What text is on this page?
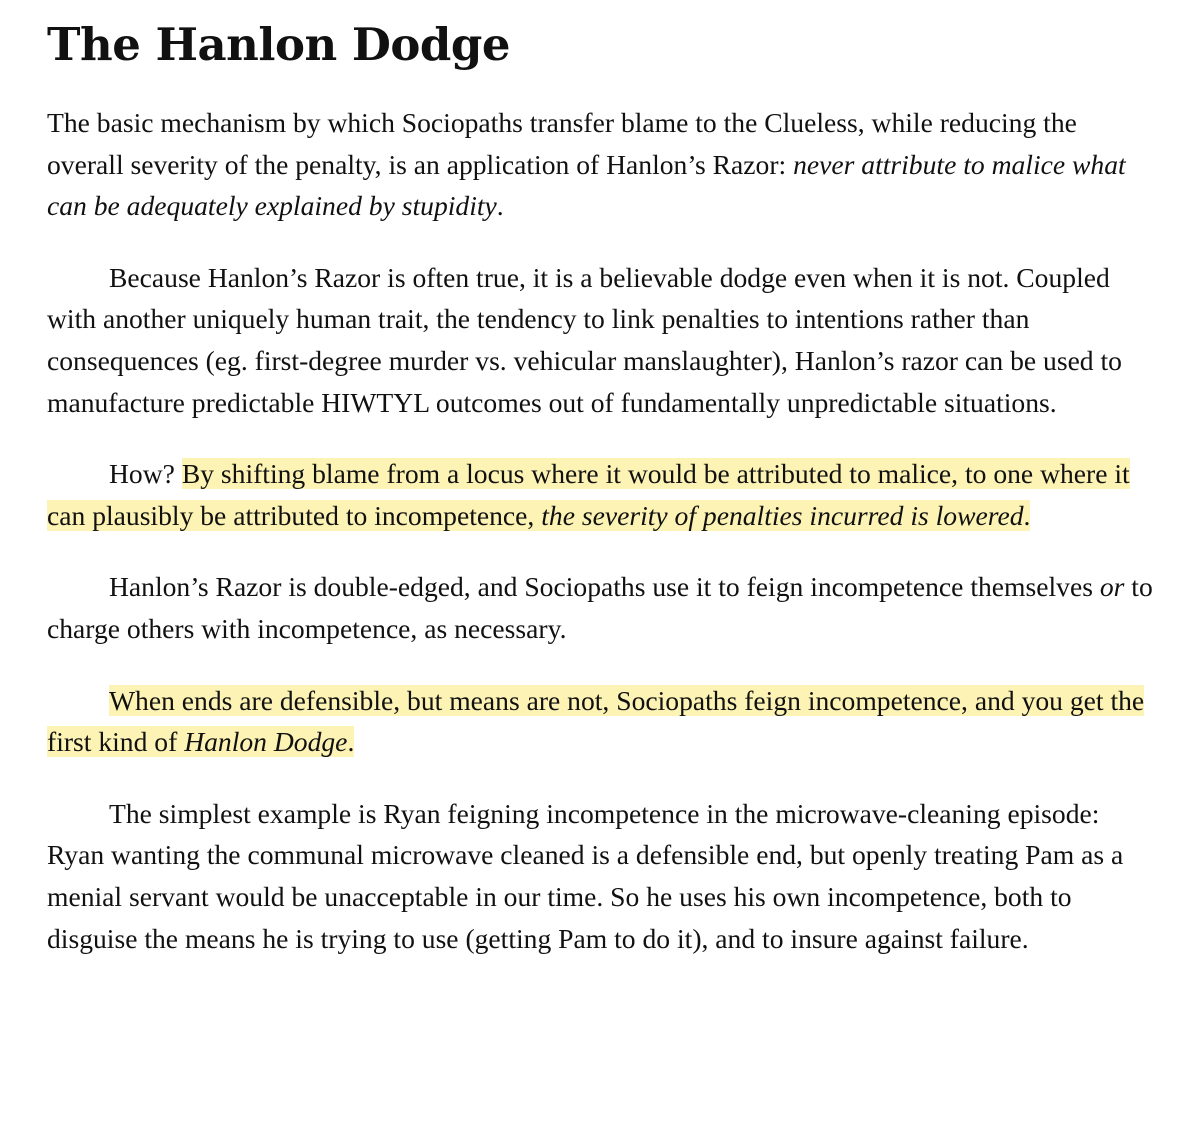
The Hanlon Dodge

The basic mechanism by which Sociopaths transfer blame to the Clueless, while reducing the overall severity of the penalty, is an application of Hanlon’s Razor: never attribute to malice what can be adequately explained by stupidity.

Because Hanlon’s Razor is often true, it is a believable dodge even when it is not. Coupled with another uniquely human trait, the tendency to link penalties to intentions rather than consequences (eg. first-degree murder vs. vehicular manslaughter), Hanlon’s razor can be used to manufacture predictable HIWTYL outcomes out of fundamentally unpredictable situations.

How? By shifting blame from a locus where it would be attributed to malice, to one where it can plausibly be attributed to incompetence, the severity of penalties incurred is lowered.

Hanlon’s Razor is double-edged, and Sociopaths use it to feign incompetence themselves or to charge others with incompetence, as necessary.

When ends are defensible, but means are not, Sociopaths feign incompetence, and you get the first kind of Hanlon Dodge.

The simplest example is Ryan feigning incompetence in the microwave-cleaning episode: Ryan wanting the communal microwave cleaned is a defensible end, but openly treating Pam as a menial servant would be unacceptable in our time. So he uses his own incompetence, both to disguise the means he is trying to use (getting Pam to do it), and to insure against failure.
